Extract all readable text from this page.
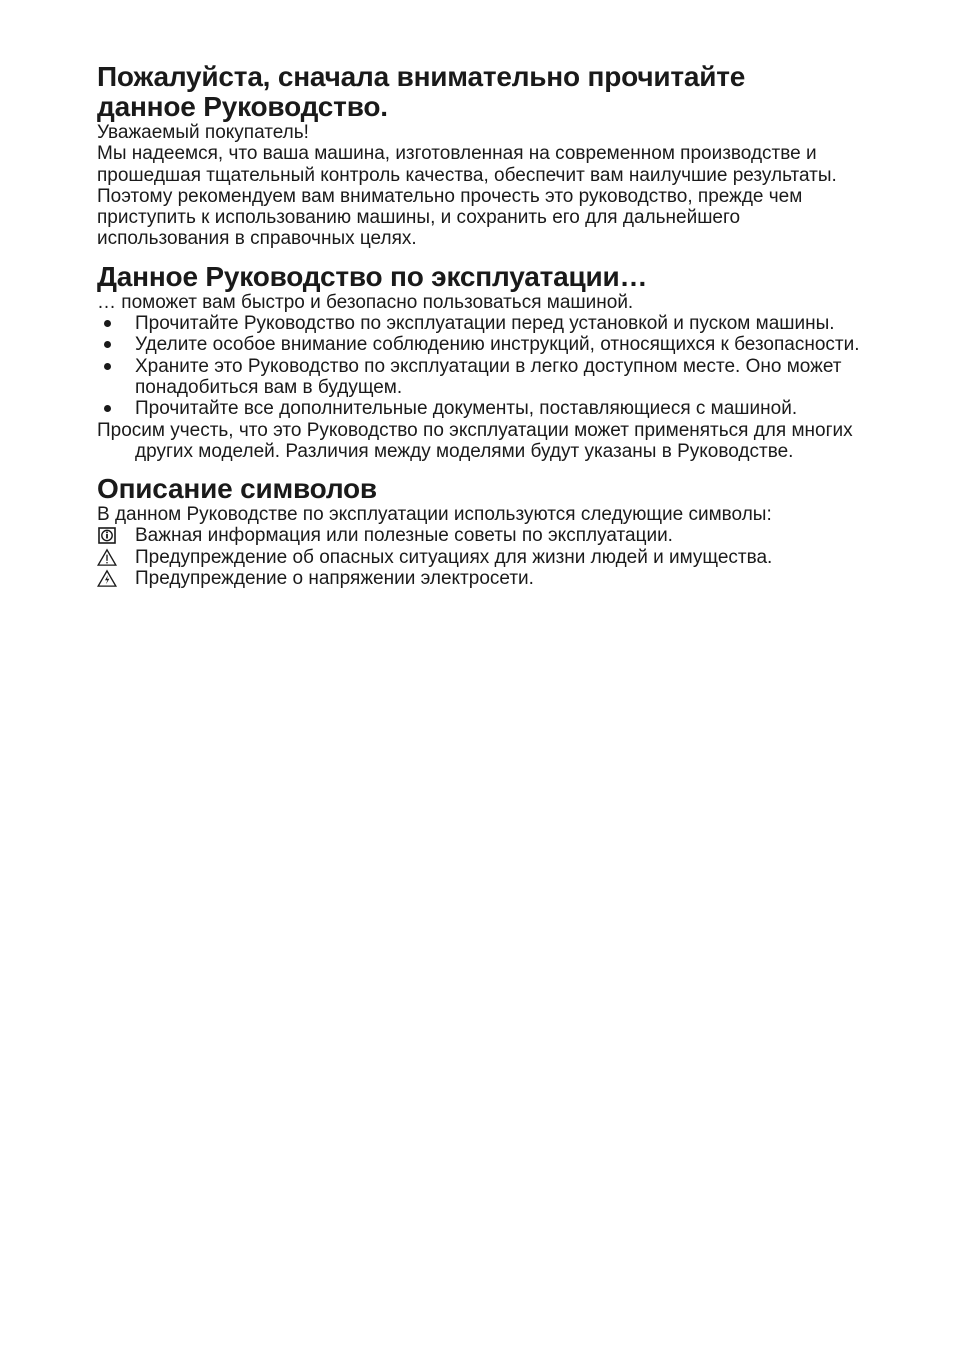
Пожалуйста, сначала внимательно прочитайте
данное Руководство.

Уважаемый покупатель!

Мы надеемся, что ваша машина, изготовленная на современном производстве и прошедшая тщательный контроль качества, обеспечит вам наилучшие результаты.

Поэтому рекомендуем вам внимательно прочесть это руководство, прежде чем приступить к использованию машины, и сохранить его для дальнейшего использования в справочных целях.

Данное Руководство по эксплуатации…

… поможет вам быстро и безопасно пользоваться машиной.

Прочитайте Руководство по эксплуатации перед установкой и пуском машины.
Уделите особое внимание соблюдению инструкций, относящихся к безопасности.
Храните это Руководство по эксплуатации в легко доступном месте. Оно может понадобиться вам в будущем.
Прочитайте все дополнительные документы, поставляющиеся с машиной.

Просим учесть, что это Руководство по эксплуатации может применяться для многих других моделей. Различия между моделями будут указаны в Руководстве.

Описание символов

В данном Руководстве по эксплуатации используются следующие символы:

Важная информация или полезные советы по эксплуатации.
Предупреждение об опасных ситуациях для жизни людей и имущества.
Предупреждение о напряжении электросети.
